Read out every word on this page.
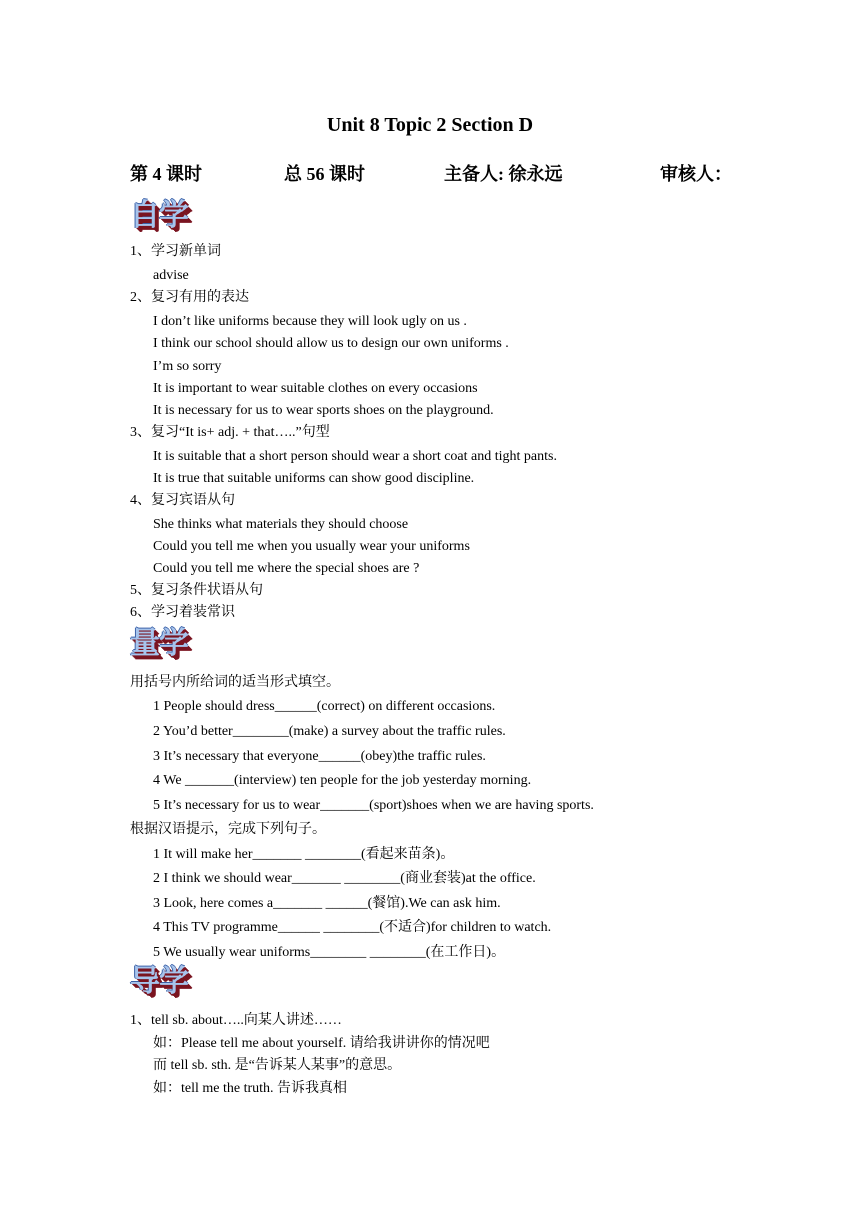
Unit 8 Topic 2 Section D
第 4 课时	总 56 课时	主备人: 徐永远	审核人：
自学
1、学习新单词
advise
2、复习有用的表达
I don’t like uniforms because they will look ugly on us .
I think our school should allow us to design our own uniforms .
I’m so sorry
It is important to wear suitable clothes on every occasions
It is necessary for us to wear sports shoes on the playground.
3、复习“It is+ adj. + that…..”句型
It is suitable that a short person should wear a short coat and tight pants.
It is true that suitable uniforms can show good discipline.
4、复习宾语从句
She thinks what materials they should choose
Could you tell me when you usually wear your uniforms
Could you tell me where the special shoes are ?
5、复习条件状语从句
6、学习着装常识
量学
用括号内所给词的适当形式填空。
1 People should dress______(correct) on different occasions.
2 You’d better________(make) a survey about the traffic rules.
3 It’s necessary that everyone______(obey)the traffic rules.
4 We _______(interview) ten people for the job yesterday morning.
5 It’s necessary for us to wear_______(sport)shoes when we are having sports.
根据汉语提示，完成下列句子。
1 It will make her_______ ________(看起来苗条)。
2 I think we should wear_______ ________(商业套装)at the office.
3 Look, here comes a_______ ______(餐馆).We can ask him.
4 This TV programme______ ________(不适合)for children to watch.
5 We usually wear uniforms________ ________(在工作日)。
导学
1、tell sb. about…..向某人讲述……
如：Please tell me about yourself. 请给我讲讲你的情况吧
而 tell sb. sth. 是“告诉某人某事”的意思。
如：tell me the truth. 告诉我真相
